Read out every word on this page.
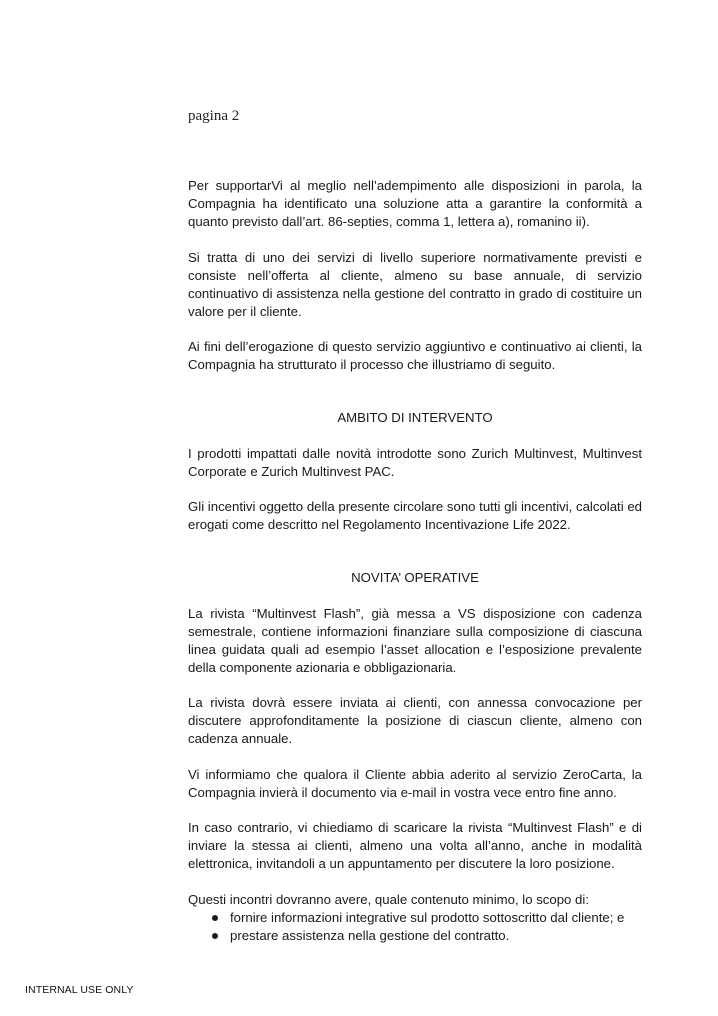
pagina 2

Per supportarVi al meglio nell’adempimento alle disposizioni in parola, la Compagnia ha identificato una soluzione atta a garantire la conformità a quanto previsto dall’art. 86-septies, comma 1, lettera a), romanino ii).

Si tratta di uno dei servizi di livello superiore normativamente previsti e consiste nell’offerta al cliente, almeno su base annuale, di servizio continuativo di assistenza nella gestione del contratto in grado di costituire un valore per il cliente.

Ai fini dell’erogazione di questo servizio aggiuntivo e continuativo ai clienti, la Compagnia ha strutturato il processo che illustriamo di seguito.

AMBITO DI INTERVENTO

I prodotti impattati dalle novità introdotte sono Zurich Multinvest, Multinvest Corporate e Zurich Multinvest PAC.

Gli incentivi oggetto della presente circolare sono tutti gli incentivi, calcolati ed erogati come descritto nel Regolamento Incentivazione Life 2022.

NOVITA’ OPERATIVE

La rivista “Multinvest Flash”, già messa a VS disposizione con cadenza semestrale, contiene informazioni finanziare sulla composizione di ciascuna linea guidata quali ad esempio l’asset allocation e l’esposizione prevalente della componente azionaria e obbligazionaria.

La rivista dovrà essere inviata ai clienti, con annessa convocazione per discutere approfonditamente la posizione di ciascun cliente, almeno con cadenza annuale.

Vi informiamo che qualora il Cliente abbia aderito al servizio ZeroCarta, la Compagnia invierà il documento via e-mail in vostra vece entro fine anno.

In caso contrario, vi chiediamo di scaricare la rivista “Multinvest Flash” e di inviare la stessa ai clienti, almeno una volta all’anno, anche in modalità elettronica, invitandoli a un appuntamento per discutere la loro posizione.

Questi incontri dovranno avere, quale contenuto minimo, lo scopo di:

fornire informazioni integrative sul prodotto sottoscritto dal cliente; e
prestare assistenza nella gestione del contratto.
INTERNAL USE ONLY
